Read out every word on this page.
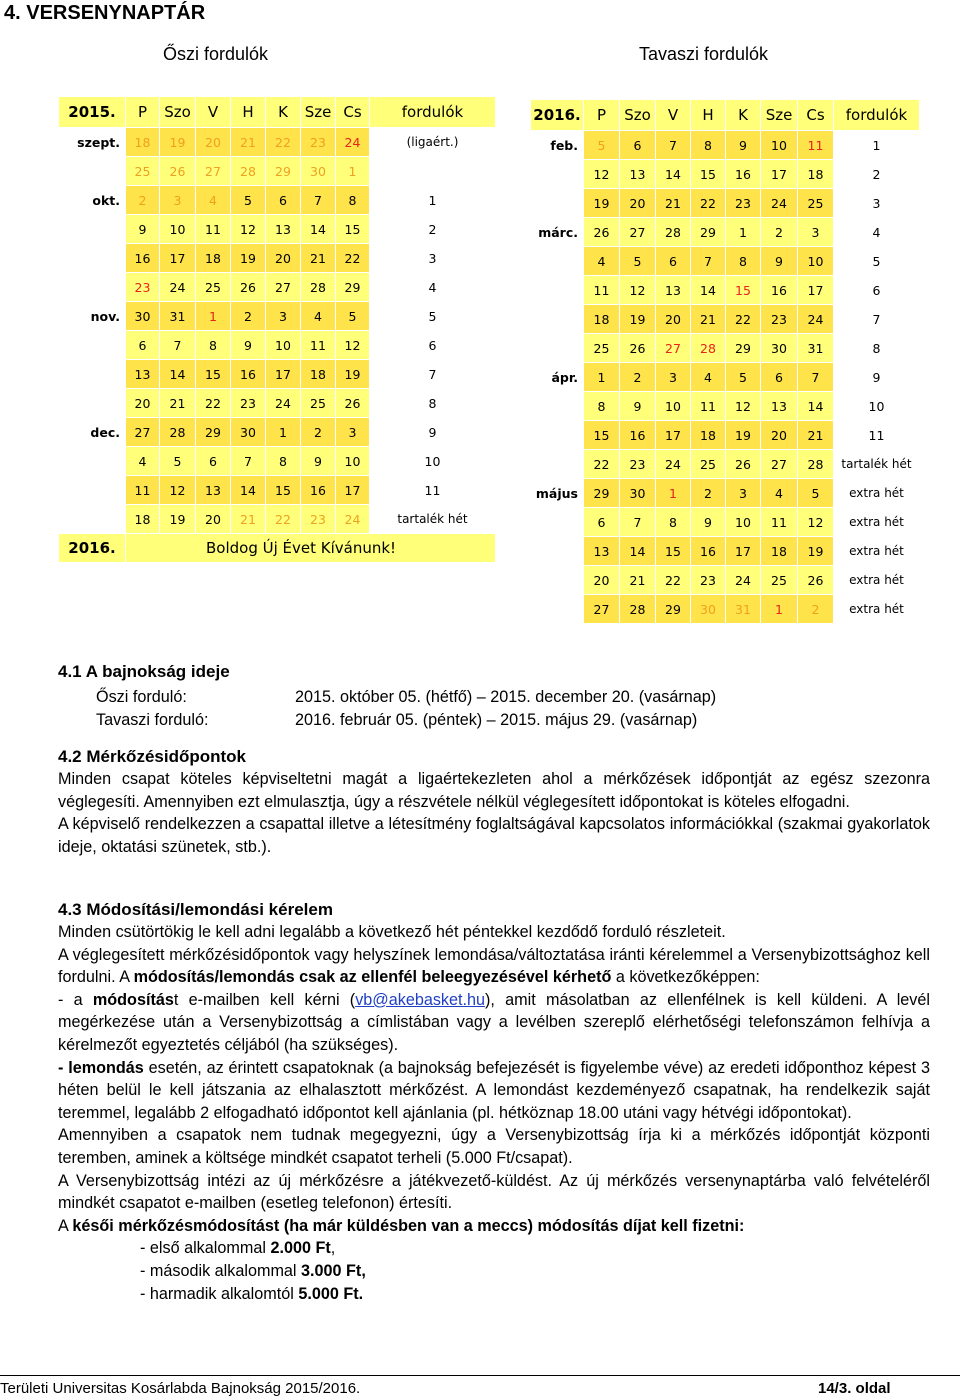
4. VERSENYNAPTÁR
Őszi fordulók	Tavaszi fordulók
2015.	P	Szo	V	H	K	Sze	Cs	fordulók
szept.	18	19	20	21	22	23	24	(ligaért.)
	25	26	27	28	29	30	1	
okt.	2	3	4	5	6	7	8	1
	9	10	11	12	13	14	15	2
	16	17	18	19	20	21	22	3
	23	24	25	26	27	28	29	4
nov.	30	31	1	2	3	4	5	5
	6	7	8	9	10	11	12	6
	13	14	15	16	17	18	19	7
	20	21	22	23	24	25	26	8
dec.	27	28	29	30	1	2	3	9
	4	5	6	7	8	9	10	10
	11	12	13	14	15	16	17	11
	18	19	20	21	22	23	24	tartalék hét
2016.	Boldog Új Évet Kívánunk!							
2016.	P	Szo	V	H	K	Sze	Cs	fordulók
feb.	5	6	7	8	9	10	11	1
	12	13	14	15	16	17	18	2
	19	20	21	22	23	24	25	3
márc.	26	27	28	29	1	2	3	4
	4	5	6	7	8	9	10	5
	11	12	13	14	15	16	17	6
	18	19	20	21	22	23	24	7
	25	26	27	28	29	30	31	8
ápr.	1	2	3	4	5	6	7	9
	8	9	10	11	12	13	14	10
	15	16	17	18	19	20	21	11
	22	23	24	25	26	27	28	tartalék hét
május	29	30	1	2	3	4	5	extra hét
	6	7	8	9	10	11	12	extra hét
	13	14	15	16	17	18	19	extra hét
	20	21	22	23	24	25	26	extra hét
	27	28	29	30	31	1	2	extra hét
4.1 A bajnokság ideje
Őszi forduló:	2015. október 05. (hétfő) – 2015. december 20. (vasárnap)
Tavaszi forduló:	2016. február 05. (péntek) – 2015. május 29. (vasárnap)
4.2 Mérkőzésidőpontok

Minden csapat köteles képviseltetni magát a ligaértekezleten ahol a mérkőzések időpontját az egész szezonra véglegesíti. Amennyiben ezt elmulasztja, úgy a részvétele nélkül véglegesített időpontokat is köteles elfogadni.

A képviselő rendelkezzen a csapattal illetve a létesítmény foglaltságával kapcsolatos információkkal (szakmai gyakorlatok ideje, oktatási szünetek, stb.).

4.3 Módosítási/lemondási kérelem

Minden csütörtökig le kell adni legalább a következő hét péntekkel kezdődő forduló részleteit.

A véglegesített mérkőzésidőpontok vagy helyszínek lemondása/változtatása iránti kérelemmel a Versenybizottsághoz kell fordulni. A módosítás/lemondás csak az ellenfél beleegyezésével kérhető a következőképpen:

- a módosítást e-mailben kell kérni (vb@akebasket.hu), amit másolatban az ellenfélnek is kell küldeni. A levél megérkezése után a Versenybizottság a címlistában vagy a levélben szereplő elérhetőségi telefonszámon felhívja a kérelmezőt egyeztetés céljából (ha szükséges).

- lemondás esetén, az érintett csapatoknak (a bajnokság befejezését is figyelembe véve) az eredeti időponthoz képest 3 héten belül le kell játszania az elhalasztott mérkőzést. A lemondást kezdeményező csapatnak, ha rendelkezik saját teremmel, legalább 2 elfogadható időpontot kell ajánlania (pl. hétköznap 18.00 utáni vagy hétvégi időpontokat).

Amennyiben a csapatok nem tudnak megegyezni, úgy a Versenybizottság írja ki a mérkőzés időpontját központi teremben, aminek a költsége mindkét csapatot terheli (5.000 Ft/csapat).

A Versenybizottság intézi az új mérkőzésre a játékvezető-küldést. Az új mérkőzés versenynaptárba való felvételéről mindkét csapatot e-mailben (esetleg telefonon) értesíti.

A késői mérkőzésmódosítást (ha már küldésben van a meccs) módosítás díjat kell fizetni:

- első alkalommal 2.000 Ft,
- második alkalommal 3.000 Ft,
- harmadik alkalomtól 5.000 Ft.
Területi Universitas Kosárlabda Bajnokság 2015/2016.	14/3. oldal
